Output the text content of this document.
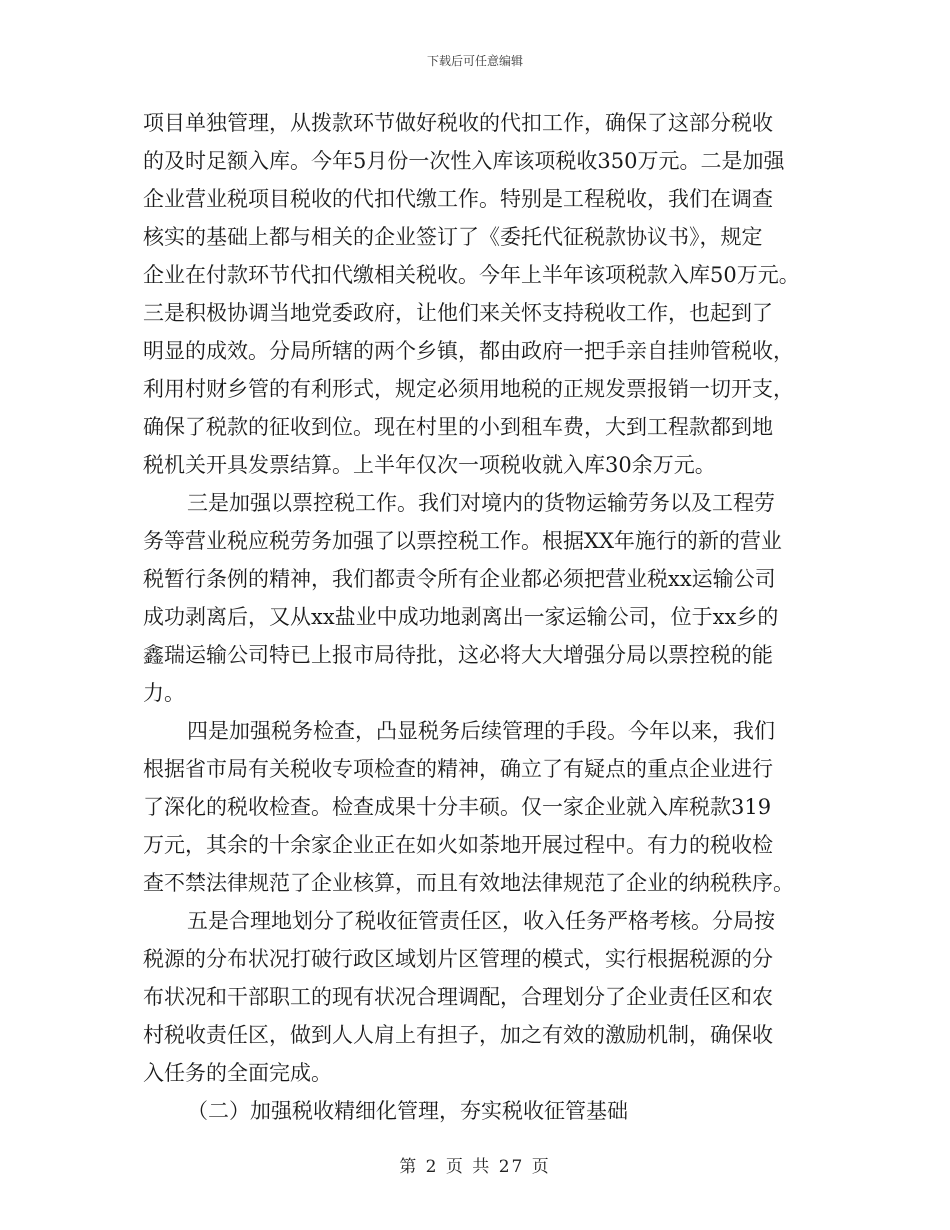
下载后可任意编辑
项目单独管理，从拨款环节做好税收的代扣工作，确保了这部分税收
的及时足额入库。今年5月份一次性入库该项税收350万元。二是加强
企业营业税项目税收的代扣代缴工作。特别是工程税收，我们在调查
核实的基础上都与相关的企业签订了《委托代征税款协议书》，规定
企业在付款环节代扣代缴相关税收。今年上半年该项税款入库50万元。
三是积极协调当地党委政府，让他们来关怀支持税收工作，也起到了
明显的成效。分局所辖的两个乡镇，都由政府一把手亲自挂帅管税收，
利用村财乡管的有利形式，规定必须用地税的正规发票报销一切开支，
确保了税款的征收到位。现在村里的小到租车费，大到工程款都到地
税机关开具发票结算。上半年仅次一项税收就入库30余万元。
三是加强以票控税工作。我们对境内的货物运输劳务以及工程劳
务等营业税应税劳务加强了以票控税工作。根据XX年施行的新的营业
税暂行条例的精神，我们都责令所有企业都必须把营业税xx运输公司
成功剥离后，又从xx盐业中成功地剥离出一家运输公司，位于xx乡的
鑫瑞运输公司特已上报市局待批，这必将大大增强分局以票控税的能
力。
四是加强税务检查，凸显税务后续管理的手段。今年以来，我们
根据省市局有关税收专项检查的精神，确立了有疑点的重点企业进行
了深化的税收检查。检查成果十分丰硕。仅一家企业就入库税款319
万元，其余的十余家企业正在如火如荼地开展过程中。有力的税收检
查不禁法律规范了企业核算，而且有效地法律规范了企业的纳税秩序。
五是合理地划分了税收征管责任区，收入任务严格考核。分局按
税源的分布状况打破行政区域划片区管理的模式，实行根据税源的分
布状况和干部职工的现有状况合理调配，合理划分了企业责任区和农
村税收责任区，做到人人肩上有担子，加之有效的激励机制，确保收
入任务的全面完成。
（二）加强税收精细化管理，夯实税收征管基础
第 2 页 共 27 页
